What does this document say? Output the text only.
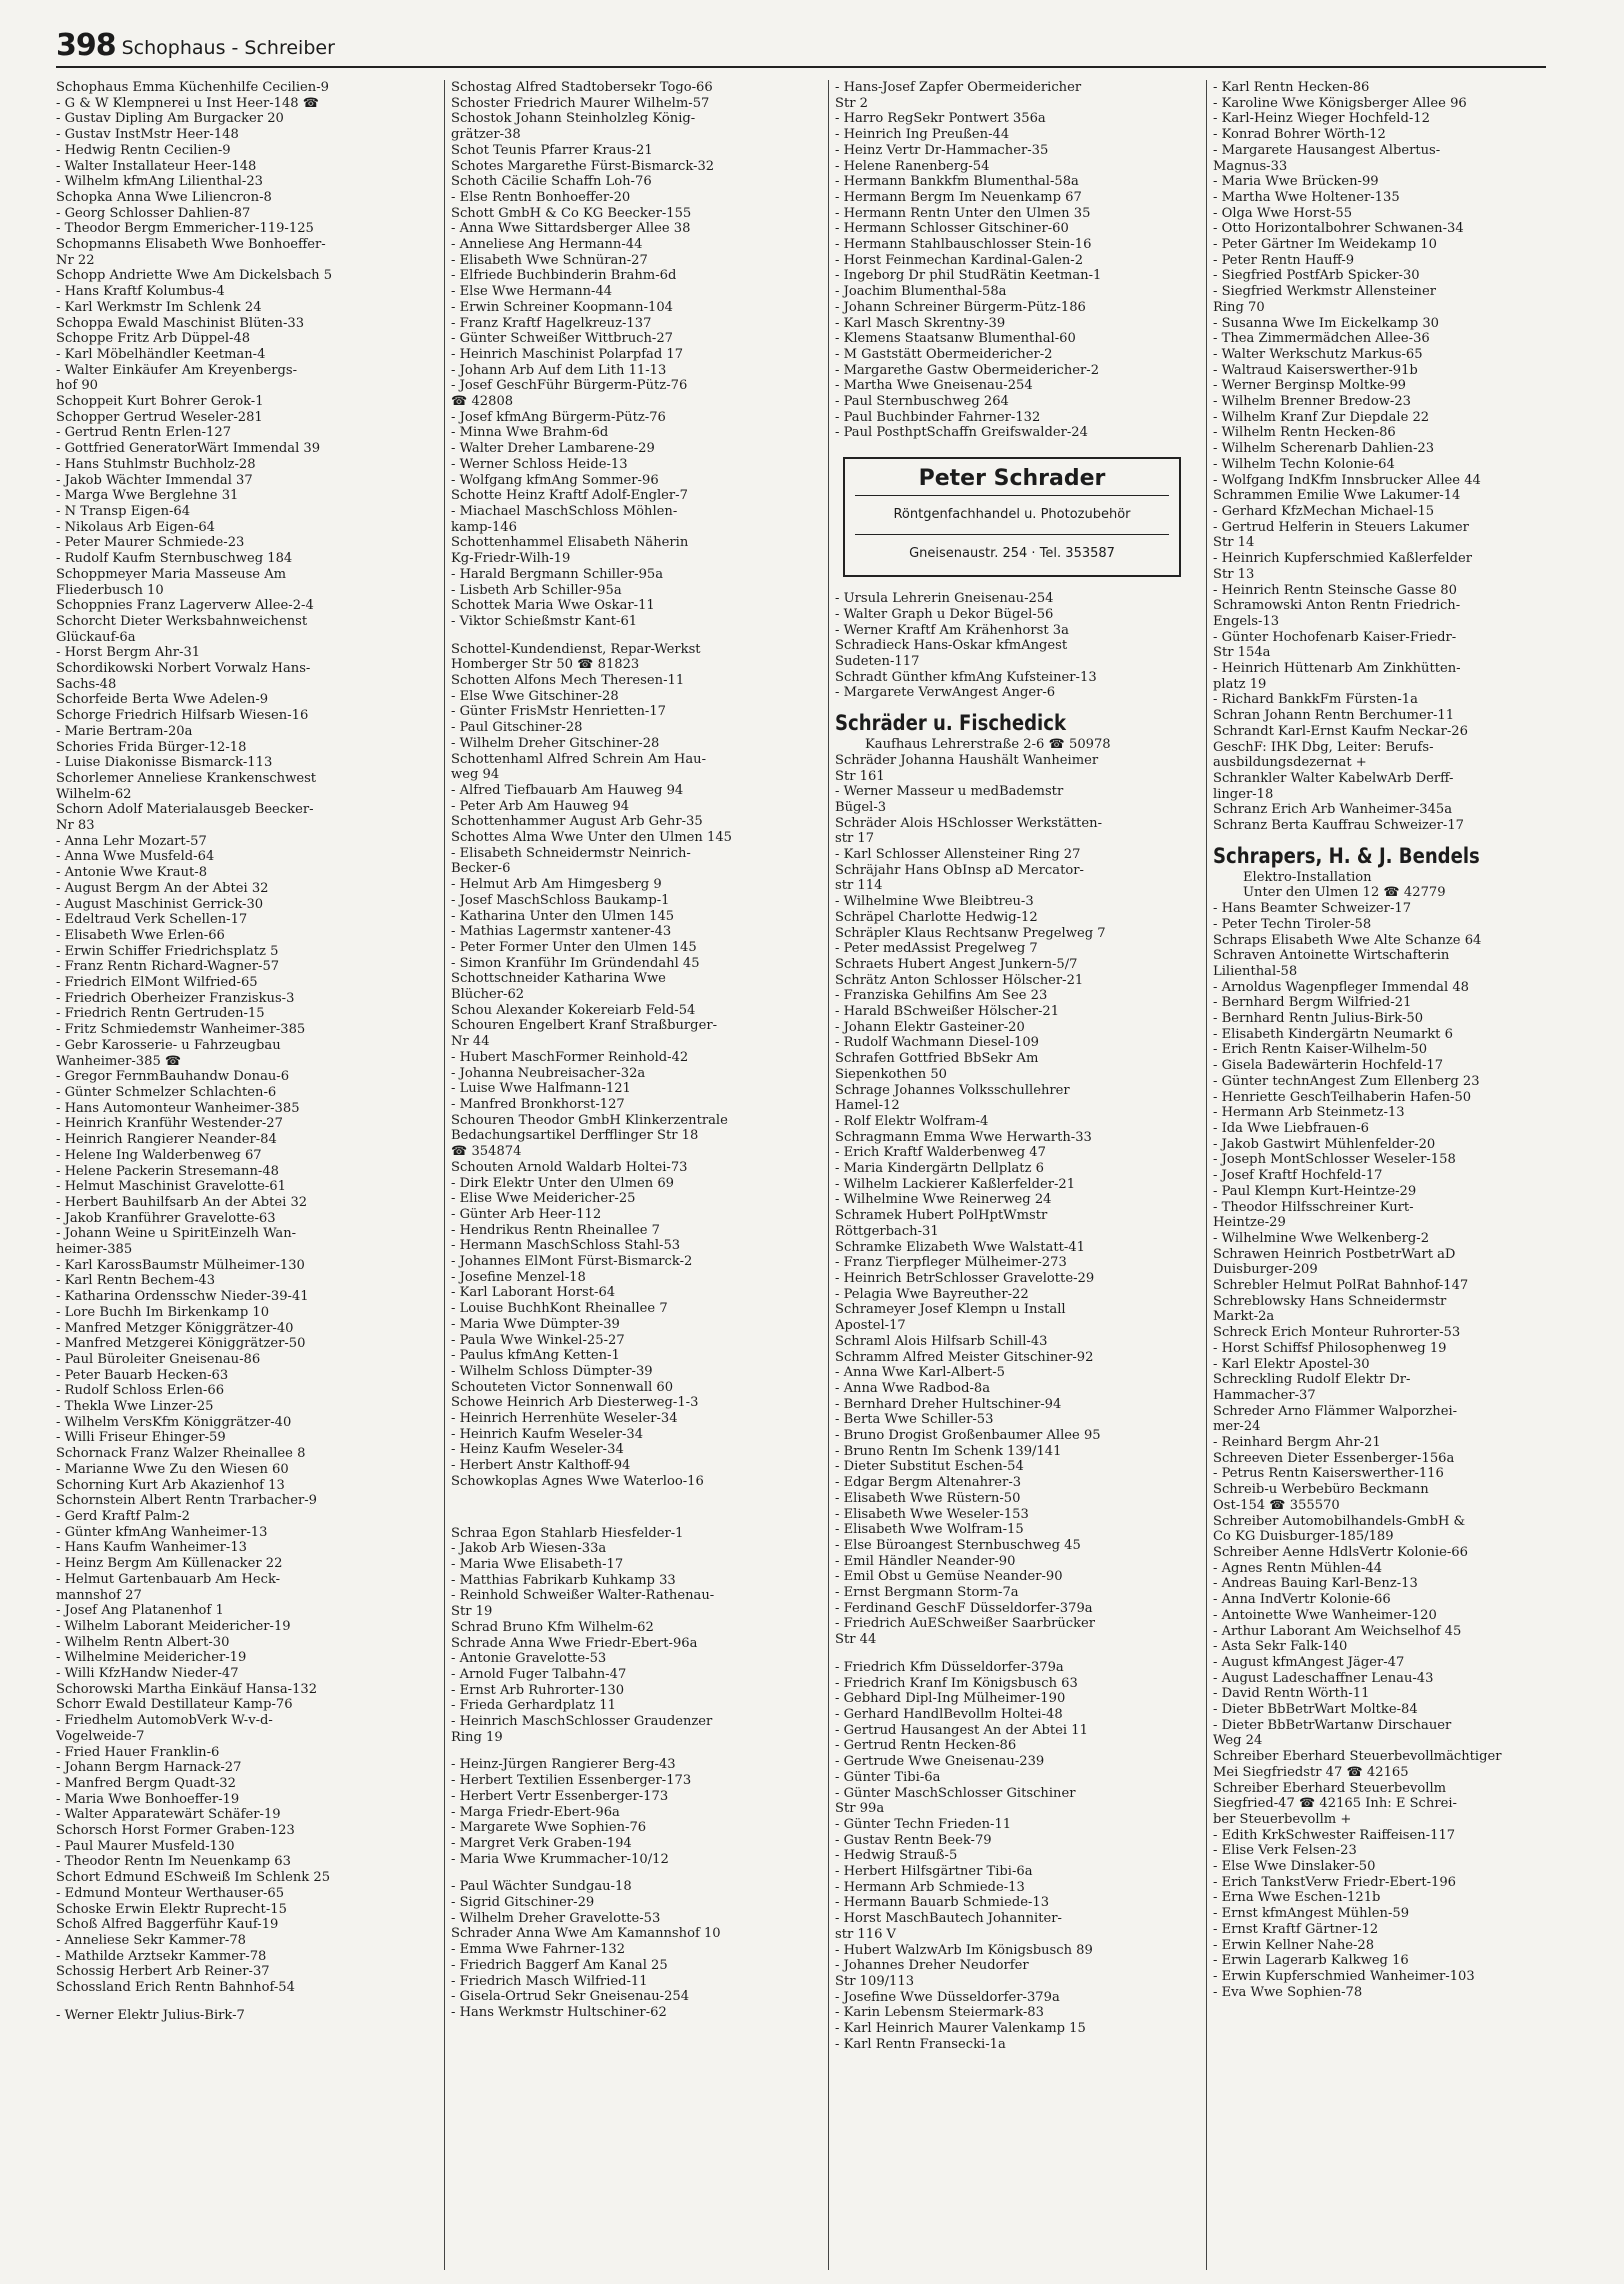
398 Schophaus - Schreiber
Schophaus Emma Küchenhilfe Cecilien-9
- G & W Klempnerei u Inst Heer-148 ☎
- Gustav Dipling Am Burgacker 20
- Gustav InstMstr Heer-148
- Hedwig Rentn Cecilien-9
- Walter Installateur Heer-148
- Wilhelm kfmAng Lilienthal-23
Schopka Anna Wwe Liliencron-8
- Georg Schlosser Dahlien-87
- Theodor Bergm Emmericher-119-125
Schopmanns Elisabeth Wwe Bonhoeffer-
Nr 22
Schopp Andriette Wwe Am Dickelsbach 5
- Hans Kraftf Kolumbus-4
- Karl Werkmstr Im Schlenk 24
Schoppa Ewald Maschinist Blüten-33
Schoppe Fritz Arb Düppel-48
- Karl Möbelhändler Keetman-4
- Walter Einkäufer Am Kreyenbergs-
hof 90
Schoppeit Kurt Bohrer Gerok-1
Schopper Gertrud Weseler-281
- Gertrud Rentn Erlen-127
- Gottfried GeneratorWärt Immendal 39
- Hans Stuhlmstr Buchholz-28
- Jakob Wächter Immendal 37
- Marga Wwe Berglehne 31
- N Transp Eigen-64
- Nikolaus Arb Eigen-64
- Peter Maurer Schmiede-23
- Rudolf Kaufm Sternbuschweg 184
Schoppmeyer Maria Masseuse Am
Fliederbusch 10
Schoppnies Franz Lagerverw Allee-2-4
Schorcht Dieter Werksbahnweichenst
Glückauf-6a
- Horst Bergm Ahr-31
Schordikowski Norbert Vorwalz Hans-
Sachs-48
Schorfeide Berta Wwe Adelen-9
Schorge Friedrich Hilfsarb Wiesen-16
- Marie Bertram-20a
Schories Frida Bürger-12-18
- Luise Diakonisse Bismarck-113
Schorlemer Anneliese Krankenschwest
Wilhelm-62
Schorn Adolf Materialausgeb Beecker-
Nr 83
- Anna Lehr Mozart-57
- Anna Wwe Musfeld-64
- Antonie Wwe Kraut-8
- August Bergm An der Abtei 32
- August Maschinist Gerrick-30
- Edeltraud Verk Schellen-17
- Elisabeth Wwe Erlen-66
- Erwin Schiffer Friedrichsplatz 5
- Franz Rentn Richard-Wagner-57
- Friedrich ElMont Wilfried-65
- Friedrich Oberheizer Franziskus-3
- Friedrich Rentn Gertruden-15
- Fritz Schmiedemstr Wanheimer-385
- Gebr Karosserie- u Fahrzeugbau
Wanheimer-385 ☎
- Gregor FernmBauhandw Donau-6
- Günter Schmelzer Schlachten-6
- Hans Automonteur Wanheimer-385
- Heinrich Kranführ Westender-27
- Heinrich Rangierer Neander-84
- Helene Ing Walderbenweg 67
- Helene Packerin Stresemann-48
- Helmut Maschinist Gravelotte-61
- Herbert Bauhilfsarb An der Abtei 32
- Jakob Kranführer Gravelotte-63
- Johann Weine u SpiritEinzelh Wan-
heimer-385
- Karl KarossBaumstr Mülheimer-130
- Karl Rentn Bechem-43
- Katharina Ordensschw Nieder-39-41
- Lore Buchh Im Birkenkamp 10
- Manfred Metzger Königgrätzer-40
- Manfred Metzgerei Königgrätzer-50
- Paul Büroleiter Gneisenau-86
- Peter Bauarb Hecken-63
- Rudolf Schloss Erlen-66
- Thekla Wwe Linzer-25
- Wilhelm VersKfm Königgrätzer-40
- Willi Friseur Ehinger-59
Schornack Franz Walzer Rheinallee 8
- Marianne Wwe Zu den Wiesen 60
Schorning Kurt Arb Akazienhof 13
Schornstein Albert Rentn Trarbacher-9
- Gerd Kraftf Palm-2
- Günter kfmAng Wanheimer-13
- Hans Kaufm Wanheimer-13
- Heinz Bergm Am Küllenacker 22
- Helmut Gartenbauarb Am Heck-
mannshof 27
- Josef Ang Platanenhof 1
- Wilhelm Laborant Meidericher-19
- Wilhelm Rentn Albert-30
- Wilhelmine Meidericher-19
- Willi KfzHandw Nieder-47
Schorowski Martha Einkäuf Hansa-132
Schorr Ewald Destillateur Kamp-76
- Friedhelm AutomobVerk W-v-d-
Vogelweide-7
- Fried Hauer Franklin-6
- Johann Bergm Harnack-27
- Manfred Bergm Quadt-32
- Maria Wwe Bonhoeffer-19
- Walter Apparatewärt Schäfer-19
Schorsch Horst Former Graben-123
- Paul Maurer Musfeld-130
- Theodor Rentn Im Neuenkamp 63
Schort Edmund ESchweiß Im Schlenk 25
- Edmund Monteur Werthauser-65
Schoske Erwin Elektr Ruprecht-15
Schoß Alfred Baggerführ Kauf-19
- Anneliese Sekr Kammer-78
- Mathilde Arztsekr Kammer-78
Schossig Herbert Arb Reiner-37
Schossland Erich Rentn Bahnhof-54
- Werner Elektr Julius-Birk-7
Schostag Alfred Stadtobersekr Togo-66
Schoster Friedrich Maurer Wilhelm-57
Schostok Johann Steinholzleg König-
grätzer-38
Schot Teunis Pfarrer Kraus-21
Schotes Margarethe Fürst-Bismarck-32
Schoth Cäcilie Schaffn Loh-76
- Else Rentn Bonhoeffer-20
Schott GmbH & Co KG Beecker-155
- Anna Wwe Sittardsberger Allee 38
- Anneliese Ang Hermann-44
- Elisabeth Wwe Schnüran-27
- Elfriede Buchbinderin Brahm-6d
- Else Wwe Hermann-44
- Erwin Schreiner Koopmann-104
- Franz Kraftf Hagelkreuz-137
- Günter Schweißer Wittbruch-27
- Heinrich Maschinist Polarpfad 17
- Johann Arb Auf dem Lith 11-13
- Josef GeschFühr Bürgerm-Pütz-76
☎ 42808
- Josef kfmAng Bürgerm-Pütz-76
- Minna Wwe Brahm-6d
- Walter Dreher Lambarene-29
- Werner Schloss Heide-13
- Wolfgang kfmAng Sommer-96
Schotte Heinz Kraftf Adolf-Engler-7
- Miachael MaschSchloss Möhlen-
kamp-146
Schottenhammel Elisabeth Näherin
Kg-Friedr-Wilh-19
- Harald Bergmann Schiller-95a
- Lisbeth Arb Schiller-95a
Schottek Maria Wwe Oskar-11
- Viktor Schießmstr Kant-61
Schottel-Kundendienst, Repar-Werkst
Homberger Str 50 ☎ 81823
Schotten Alfons Mech Theresen-11
- Else Wwe Gitschiner-28
- Günter FrisMstr Henrietten-17
- Paul Gitschiner-28
- Wilhelm Dreher Gitschiner-28
Schottenhaml Alfred Schrein Am Hau-
weg 94
- Alfred Tiefbauarb Am Hauweg 94
- Peter Arb Am Hauweg 94
Schottenhammer August Arb Gehr-35
Schottes Alma Wwe Unter den Ulmen 145
- Elisabeth Schneidermstr Neinrich-
Becker-6
- Helmut Arb Am Himgesberg 9
- Josef MaschSchloss Baukamp-1
- Katharina Unter den Ulmen 145
- Mathias Lagermstr xantener-43
- Peter Former Unter den Ulmen 145
- Simon Kranführ Im Gründendahl 45
Schottschneider Katharina Wwe
Blücher-62
Schou Alexander Kokereiarb Feld-54
Schouren Engelbert Kranf Straßburger-
Nr 44
- Hubert MaschFormer Reinhold-42
- Johanna Neubreisacher-32a
- Luise Wwe Halfmann-121
- Manfred Bronkhorst-127
Schouren Theodor GmbH Klinkerzentrale
Bedachungsartikel Derfflinger Str 18
☎ 354874
Schouten Arnold Waldarb Holtei-73
- Dirk Elektr Unter den Ulmen 69
- Elise Wwe Meidericher-25
- Günter Arb Heer-112
- Hendrikus Rentn Rheinallee 7
- Hermann MaschSchloss Stahl-53
- Johannes ElMont Fürst-Bismarck-2
- Josefine Menzel-18
- Karl Laborant Horst-64
- Louise BuchhKont Rheinallee 7
- Maria Wwe Dümpter-39
- Paula Wwe Winkel-25-27
- Paulus kfmAng Ketten-1
- Wilhelm Schloss Dümpter-39
Schouteten Victor Sonnenwall 60
Schowe Heinrich Arb Diesterweg-1-3
- Heinrich Herrenhüte Weseler-34
- Heinrich Kaufm Weseler-34
- Heinz Kaufm Weseler-34
- Herbert Anstr Kalthoff-94
Schowkoplas Agnes Wwe Waterloo-16
Schraa Egon Stahlarb Hiesfelder-1
- Jakob Arb Wiesen-33a
- Maria Wwe Elisabeth-17
- Matthias Fabrikarb Kuhkamp 33
- Reinhold Schweißer Walter-Rathenau-
Str 19
Schrad Bruno Kfm Wilhelm-62
Schrade Anna Wwe Friedr-Ebert-96a
- Antonie Gravelotte-53
- Arnold Fuger Talbahn-47
- Ernst Arb Ruhrorter-130
- Frieda Gerhardplatz 11
- Heinrich MaschSchlosser Graudenzer
Ring 19
- Heinz-Jürgen Rangierer Berg-43
- Herbert Textilien Essenberger-173
- Herbert Vertr Essenberger-173
- Marga Friedr-Ebert-96a
- Margarete Wwe Sophien-76
- Margret Verk Graben-194
- Maria Wwe Krummacher-10/12
- Paul Wächter Sundgau-18
- Sigrid Gitschiner-29
- Wilhelm Dreher Gravelotte-53
Schrader Anna Wwe Am Kamannshof 10
- Emma Wwe Fahrner-132
- Friedrich Baggerf Am Kanal 25
- Friedrich Masch Wilfried-11
- Gisela-Ortrud Sekr Gneisenau-254
- Hans Werkmstr Hultschiner-62
- Hans-Josef Zapfer Obermeidericher
Str 2
- Harro RegSekr Pontwert 356a
- Heinrich Ing Preußen-44
- Heinz Vertr Dr-Hammacher-35
- Helene Ranenberg-54
- Hermann Bankkfm Blumenthal-58a
- Hermann Bergm Im Neuenkamp 67
- Hermann Rentn Unter den Ulmen 35
- Hermann Schlosser Gitschiner-60
- Hermann Stahlbauschlosser Stein-16
- Horst Feinmechan Kardinal-Galen-2
- Ingeborg Dr phil StudRätin Keetman-1
- Joachim Blumenthal-58a
- Johann Schreiner Bürgerm-Pütz-186
- Karl Masch Skrentny-39
- Klemens Staatsanw Blumenthal-60
- M Gaststätt Obermeidericher-2
- Margarethe Gastw Obermeidericher-2
- Martha Wwe Gneisenau-254
- Paul Sternbuschweg 264
- Paul Buchbinder Fahrner-132
- Paul PosthptSchaffn Greifswalder-24
Peter Schrader
Röntgenfachhandel u. Photozubehör
Gneisenaustr. 254 · Tel. 353587
- Ursula Lehrerin Gneisenau-254
- Walter Graph u Dekor Bügel-56
- Werner Kraftf Am Krähenhorst 3a
Schradieck Hans-Oskar kfmAngest
Sudeten-117
Schradt Günther kfmAng Kufsteiner-13
- Margarete VerwAngest Anger-6
Schräder u. Fischedick
Kaufhaus Lehrerstraße 2-6 ☎ 50978
Schräder Johanna Haushält Wanheimer
Str 161
- Werner Masseur u medBademstr
Bügel-3
Schräder Alois HSchlosser Werkstätten-
str 17
- Karl Schlosser Allensteiner Ring 27
Schräjahr Hans ObInsp aD Mercator-
str 114
- Wilhelmine Wwe Bleibtreu-3
Schräpel Charlotte Hedwig-12
Schräpler Klaus Rechtsanw Pregelweg 7
- Peter medAssist Pregelweg 7
Schraets Hubert Angest Junkern-5/7
Schrätz Anton Schlosser Hölscher-21
- Franziska Gehilfins Am See 23
- Harald BSchweißer Hölscher-21
- Johann Elektr Gasteiner-20
- Rudolf Wachmann Diesel-109
Schrafen Gottfried BbSekr Am
Siepenkothen 50
Schrage Johannes Volksschullehrer
Hamel-12
- Rolf Elektr Wolfram-4
Schragmann Emma Wwe Herwarth-33
- Erich Kraftf Walderbenweg 47
- Maria Kindergärtn Dellplatz 6
- Wilhelm Lackierer Kaßlerfelder-21
- Wilhelmine Wwe Reinerweg 24
Schramek Hubert PolHptWmstr
Röttgerbach-31
Schramke Elizabeth Wwe Walstatt-41
- Franz Tierpfleger Mülheimer-273
- Heinrich BetrSchlosser Gravelotte-29
- Pelagia Wwe Bayreuther-22
Schrameyer Josef Klempn u Install
Apostel-17
Schraml Alois Hilfsarb Schill-43
Schramm Alfred Meister Gitschiner-92
- Anna Wwe Karl-Albert-5
- Anna Wwe Radbod-8a
- Bernhard Dreher Hultschiner-94
- Berta Wwe Schiller-53
- Bruno Drogist Großenbaumer Allee 95
- Bruno Rentn Im Schenk 139/141
- Dieter Substitut Eschen-54
- Edgar Bergm Altenahrer-3
- Elisabeth Wwe Rüstern-50
- Elisabeth Wwe Weseler-153
- Elisabeth Wwe Wolfram-15
- Else Büroangest Sternbuschweg 45
- Emil Händler Neander-90
- Emil Obst u Gemüse Neander-90
- Ernst Bergmann Storm-7a
- Ferdinand GeschF Düsseldorfer-379a
- Friedrich AuESchweißer Saarbrücker
Str 44
- Friedrich Kfm Düsseldorfer-379a
- Friedrich Kranf Im Königsbusch 63
- Gebhard Dipl-Ing Mülheimer-190
- Gerhard HandlBevollm Holtei-48
- Gertrud Hausangest An der Abtei 11
- Gertrud Rentn Hecken-86
- Gertrude Wwe Gneisenau-239
- Günter Tibi-6a
- Günter MaschSchlosser Gitschiner
Str 99a
- Günter Techn Frieden-11
- Gustav Rentn Beek-79
- Hedwig Strauß-5
- Herbert Hilfsgärtner Tibi-6a
- Hermann Arb Schmiede-13
- Hermann Bauarb Schmiede-13
- Horst MaschBautech Johanniter-
str 116 V
- Hubert WalzwArb Im Königsbusch 89
- Johannes Dreher Neudorfer
Str 109/113
- Josefine Wwe Düsseldorfer-379a
- Karin Lebensm Steiermark-83
- Karl Heinrich Maurer Valenkamp 15
- Karl Rentn Fransecki-1a
- Karl Rentn Hecken-86
- Karoline Wwe Königsberger Allee 96
- Karl-Heinz Wieger Hochfeld-12
- Konrad Bohrer Wörth-12
- Margarete Hausangest Albertus-
Magnus-33
- Maria Wwe Brücken-99
- Martha Wwe Holtener-135
- Olga Wwe Horst-55
- Otto Horizontalbohrer Schwanen-34
- Peter Gärtner Im Weidekamp 10
- Peter Rentn Hauff-9
- Siegfried PostfArb Spicker-30
- Siegfried Werkmstr Allensteiner
Ring 70
- Susanna Wwe Im Eickelkamp 30
- Thea Zimmermädchen Allee-36
- Walter Werkschutz Markus-65
- Waltraud Kaiserswerther-91b
- Werner Berginsp Moltke-99
- Wilhelm Brenner Bredow-23
- Wilhelm Kranf Zur Diepdale 22
- Wilhelm Rentn Hecken-86
- Wilhelm Scherenarb Dahlien-23
- Wilhelm Techn Kolonie-64
- Wolfgang IndKfm Innsbrucker Allee 44
Schrammen Emilie Wwe Lakumer-14
- Gerhard KfzMechan Michael-15
- Gertrud Helferin in Steuers Lakumer
Str 14
- Heinrich Kupferschmied Kaßlerfelder
Str 13
- Heinrich Rentn Steinsche Gasse 80
Schramowski Anton Rentn Friedrich-
Engels-13
- Günter Hochofenarb Kaiser-Friedr-
Str 154a
- Heinrich Hüttenarb Am Zinkhütten-
platz 19
- Richard BankkFm Fürsten-1a
Schran Johann Rentn Berchumer-11
Schrandt Karl-Ernst Kaufm Neckar-26
GeschF: IHK Dbg, Leiter: Berufs-
ausbildungsdezernat +
Schrankler Walter KabelwArb Derff-
linger-18
Schranz Erich Arb Wanheimer-345a
Schranz Berta Kauffrau Schweizer-17
Schrapers, H. & J. Bendels
Elektro-Installation
Unter den Ulmen 12 ☎ 42779
- Hans Beamter Schweizer-17
- Peter Techn Tiroler-58
Schraps Elisabeth Wwe Alte Schanze 64
Schraven Antoinette Wirtschafterin
Lilienthal-58
- Arnoldus Wagenpfleger Immendal 48
- Bernhard Bergm Wilfried-21
- Bernhard Rentn Julius-Birk-50
- Elisabeth Kindergärtn Neumarkt 6
- Erich Rentn Kaiser-Wilhelm-50
- Gisela Badewärterin Hochfeld-17
- Günter technAngest Zum Ellenberg 23
- Henriette GeschTeilhaberin Hafen-50
- Hermann Arb Steinmetz-13
- Ida Wwe Liebfrauen-6
- Jakob Gastwirt Mühlenfelder-20
- Joseph MontSchlosser Weseler-158
- Josef Kraftf Hochfeld-17
- Paul Klempn Kurt-Heintze-29
- Theodor Hilfsschreiner Kurt-
Heintze-29
- Wilhelmine Wwe Welkenberg-2
Schrawen Heinrich PostbetrWart aD
Duisburger-209
Schrebler Helmut PolRat Bahnhof-147
Schreblowsky Hans Schneidermstr
Markt-2a
Schreck Erich Monteur Ruhrorter-53
- Horst Schiffsf Philosophenweg 19
- Karl Elektr Apostel-30
Schreckling Rudolf Elektr Dr-
Hammacher-37
Schreder Arno Flämmer Walporzhei-
mer-24
- Reinhard Bergm Ahr-21
Schreeven Dieter Essenberger-156a
- Petrus Rentn Kaiserswerther-116
Schreib-u Werbebüro Beckmann
Ost-154 ☎ 355570
Schreiber Automobilhandels-GmbH &
Co KG Duisburger-185/189
Schreiber Aenne HdlsVertr Kolonie-66
- Agnes Rentn Mühlen-44
- Andreas Bauing Karl-Benz-13
- Anna IndVertr Kolonie-66
- Antoinette Wwe Wanheimer-120
- Arthur Laborant Am Weichselhof 45
- Asta Sekr Falk-140
- August kfmAngest Jäger-47
- August Ladeschaffner Lenau-43
- David Rentn Wörth-11
- Dieter BbBetrWart Moltke-84
- Dieter BbBetrWartanw Dirschauer
Weg 24
Schreiber Eberhard Steuerbevollmächtiger
Mei Siegfriedstr 47 ☎ 42165
Schreiber Eberhard Steuerbevollm
Siegfried-47 ☎ 42165 Inh: E Schrei-
ber Steuerbevollm +
- Edith KrkSchwester Raiffeisen-117
- Elise Verk Felsen-23
- Else Wwe Dinslaker-50
- Erich TankstVerw Friedr-Ebert-196
- Erna Wwe Eschen-121b
- Ernst kfmAngest Mühlen-59
- Ernst Kraftf Gärtner-12
- Erwin Kellner Nahe-28
- Erwin Lagerarb Kalkweg 16
- Erwin Kupferschmied Wanheimer-103
- Eva Wwe Sophien-78
